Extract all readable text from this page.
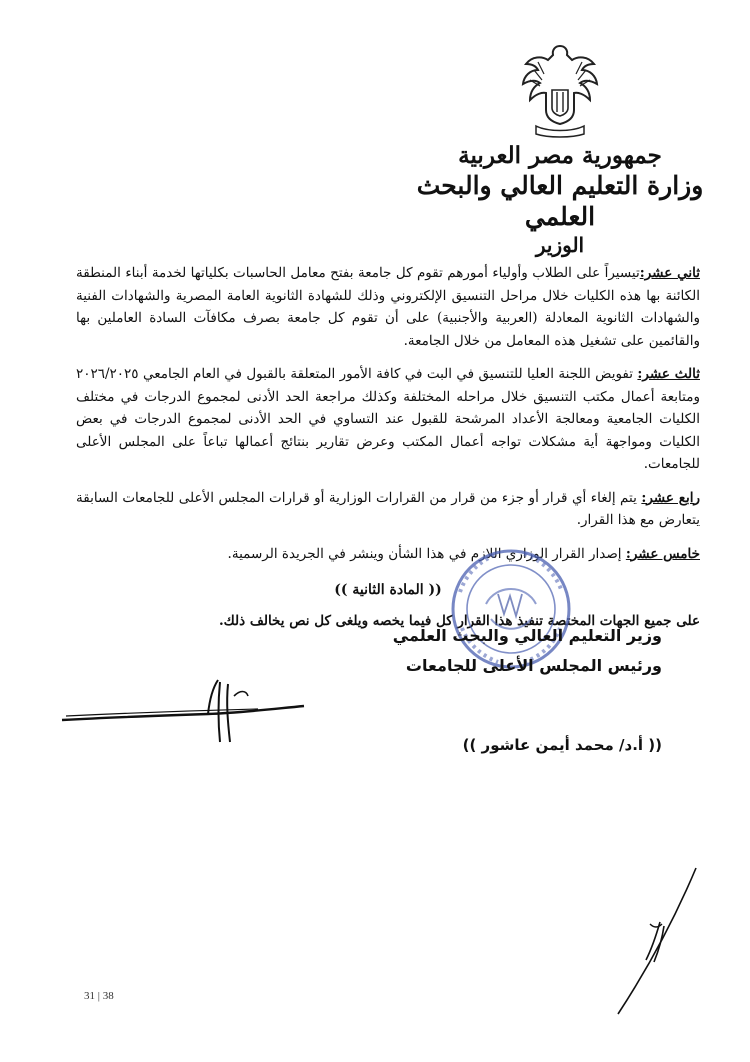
جمهورية مصر العربية
وزارة التعليم العالي والبحث العلمي
الوزير

ثاني عشر:تيسيراً على الطلاب وأولياء أمورهم تقوم كل جامعة بفتح معامل الحاسبات بكلياتها لخدمة أبناء المنطقة الكائنة بها هذه الكليات خلال مراحل التنسيق الإلكتروني وذلك للشهادة الثانوية العامة المصرية والشهادات الفنية والشهادات الثانوية المعادلة (العربية والأجنبية) على أن تقوم كل جامعة بصرف مكافآت السادة العاملين بها والقائمين على تشغيل هذه المعامل من خلال الجامعة.

ثالث عشر: تفويض اللجنة العليا للتنسيق في البت في كافة الأمور المتعلقة بالقبول في العام الجامعي ٢٠٢٦/٢٠٢٥ ومتابعة أعمال مكتب التنسيق خلال مراحله المختلفة وكذلك مراجعة الحد الأدنى لمجموع الدرجات في مختلف الكليات الجامعية ومعالجة الأعداد المرشحة للقبول عند التساوي في الحد الأدنى لمجموع الدرجات في بعض الكليات ومواجهة أية مشكلات تواجه أعمال المكتب وعرض تقارير بنتائج أعمالها تباعاً على المجلس الأعلى للجامعات.

رابع عشر: يتم إلغاء أي قرار أو جزء من قرار من القرارات الوزارية أو قرارات المجلس الأعلى للجامعات السابقة يتعارض مع هذا القرار.

خامس عشر: إصدار القرار الوزاري اللازم في هذا الشأن وينشر في الجريدة الرسمية.

(( المادة الثانية ))

على جميع الجهات المختصة تنفيذ هذا القرار كل فيما يخصه ويلغى كل نص يخالف ذلك.

وزير التعليم العالي والبحث العلمي
ورئيس المجلس الأعلى للجامعات
(( أ.د/ محمد أيمن عاشور ))
31 | 38
